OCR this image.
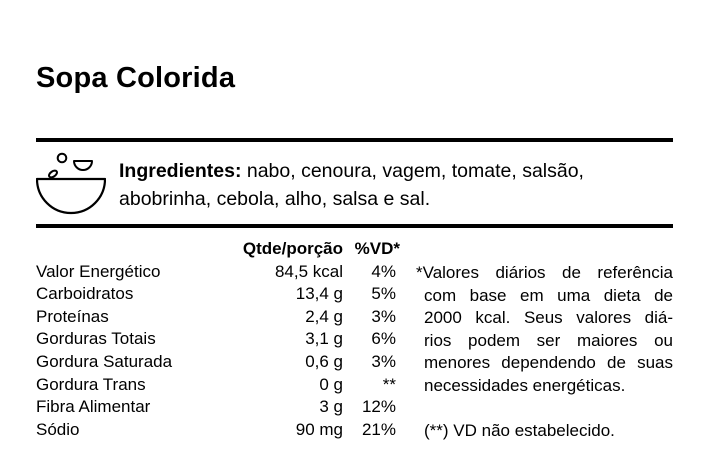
Sopa Colorida
Ingredientes: nabo, cenoura, vagem, tomate, salsão, abobrinha, cebola, alho, salsa e sal.
Qtde/porção %VD*
Valor Energético	84,5 kcal 4%
Carboidratos	13,4 g 5%
Proteínas	2,4 g 3%
Gorduras Totais	3,1 g 6%
Gordura Saturada	0,6 g 3%
Gordura Trans	0 g **
Fibra Alimentar	3 g 12%
Sódio	90 mg 21%
*Valores diários de referência
com base em uma dieta de
2000 kcal. Seus valores diá-
rios podem ser maiores ou
menores dependendo de suas
necessidades energéticas.
(**) VD não estabelecido.
